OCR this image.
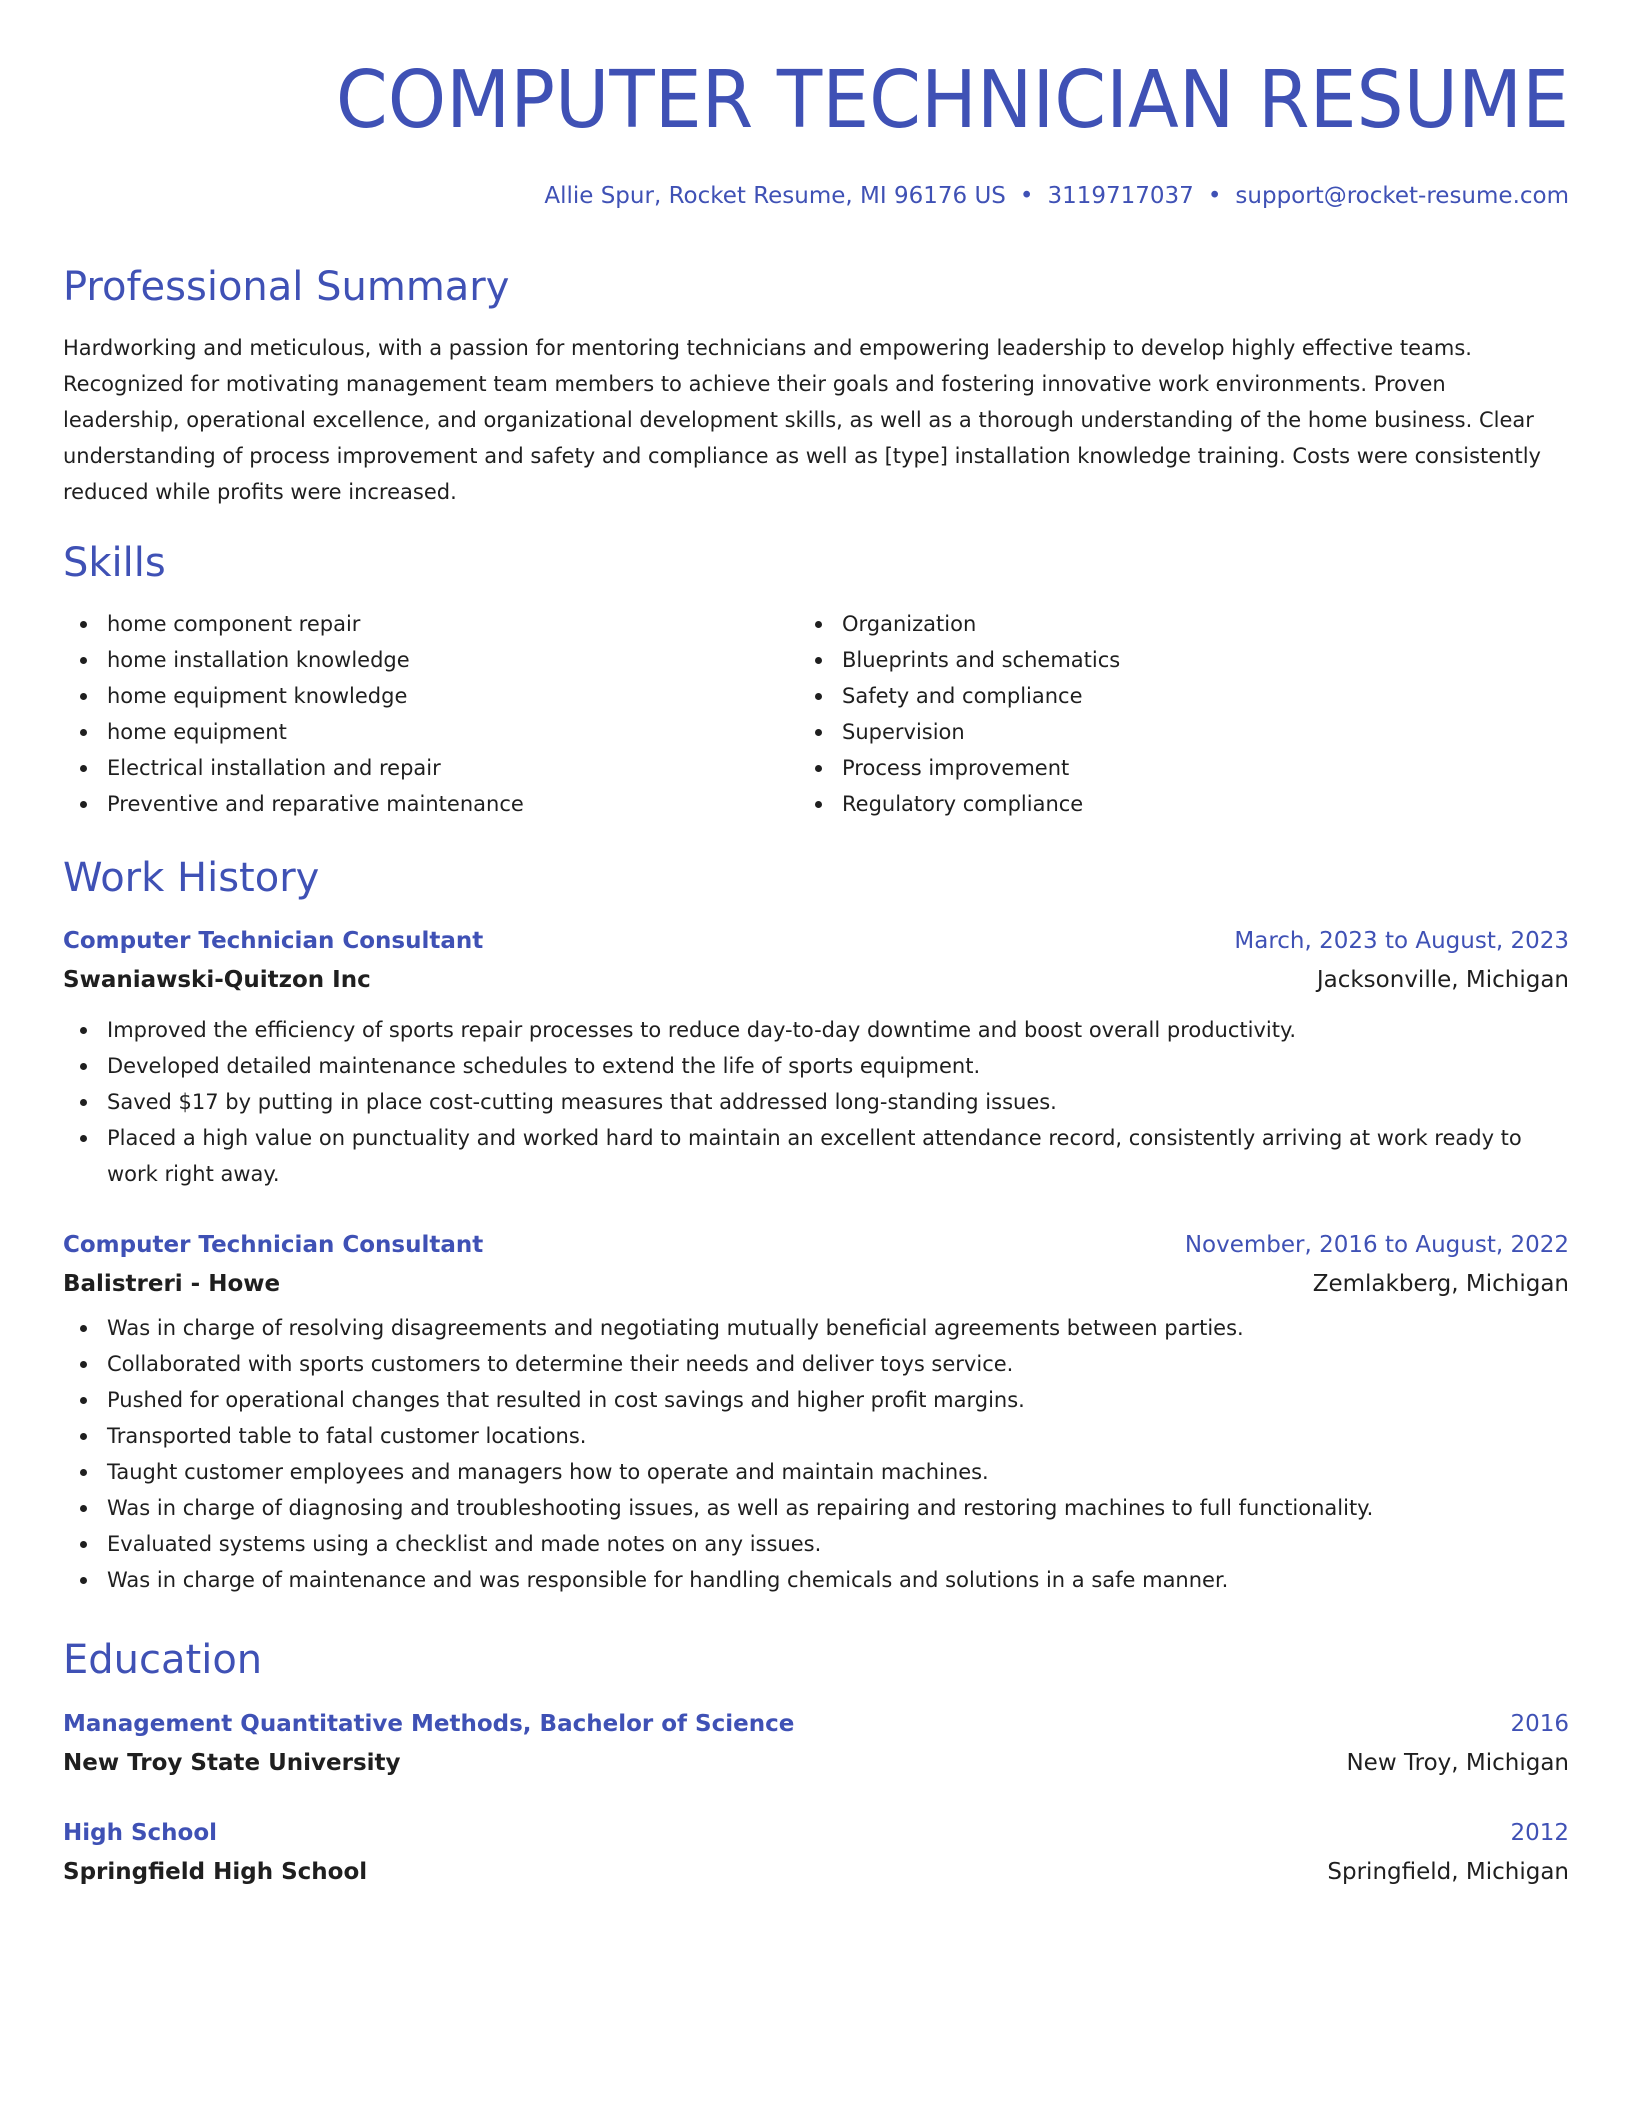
COMPUTER TECHNICIAN RESUME
Allie Spur, Rocket Resume, MI 96176 US • 3119717037 • support@rocket-resume.com
Professional Summary
Hardworking and meticulous, with a passion for mentoring technicians and empowering leadership to develop highly effective teams. Recognized for motivating management team members to achieve their goals and fostering innovative work environments. Proven leadership, operational excellence, and organizational development skills, as well as a thorough understanding of the home business. Clear understanding of process improvement and safety and compliance as well as [type] installation knowledge training. Costs were consistently reduced while profits were increased.
Skills
home component repair
home installation knowledge
home equipment knowledge
home equipment
Electrical installation and repair
Preventive and reparative maintenance
Organization
Blueprints and schematics
Safety and compliance
Supervision
Process improvement
Regulatory compliance
Work History
Computer Technician Consultant	March, 2023 to August, 2023
Swaniawski-Quitzon Inc	Jacksonville, Michigan
Improved the efficiency of sports repair processes to reduce day-to-day downtime and boost overall productivity.
Developed detailed maintenance schedules to extend the life of sports equipment.
Saved $17 by putting in place cost-cutting measures that addressed long-standing issues.
Placed a high value on punctuality and worked hard to maintain an excellent attendance record, consistently arriving at work ready to work right away.
Computer Technician Consultant	November, 2016 to August, 2022
Balistreri - Howe	Zemlakberg, Michigan
Was in charge of resolving disagreements and negotiating mutually beneficial agreements between parties.
Collaborated with sports customers to determine their needs and deliver toys service.
Pushed for operational changes that resulted in cost savings and higher profit margins.
Transported table to fatal customer locations.
Taught customer employees and managers how to operate and maintain machines.
Was in charge of diagnosing and troubleshooting issues, as well as repairing and restoring machines to full functionality.
Evaluated systems using a checklist and made notes on any issues.
Was in charge of maintenance and was responsible for handling chemicals and solutions in a safe manner.
Education
Management Quantitative Methods, Bachelor of Science	2016
New Troy State University	New Troy, Michigan
High School	2012
Springfield High School	Springfield, Michigan
